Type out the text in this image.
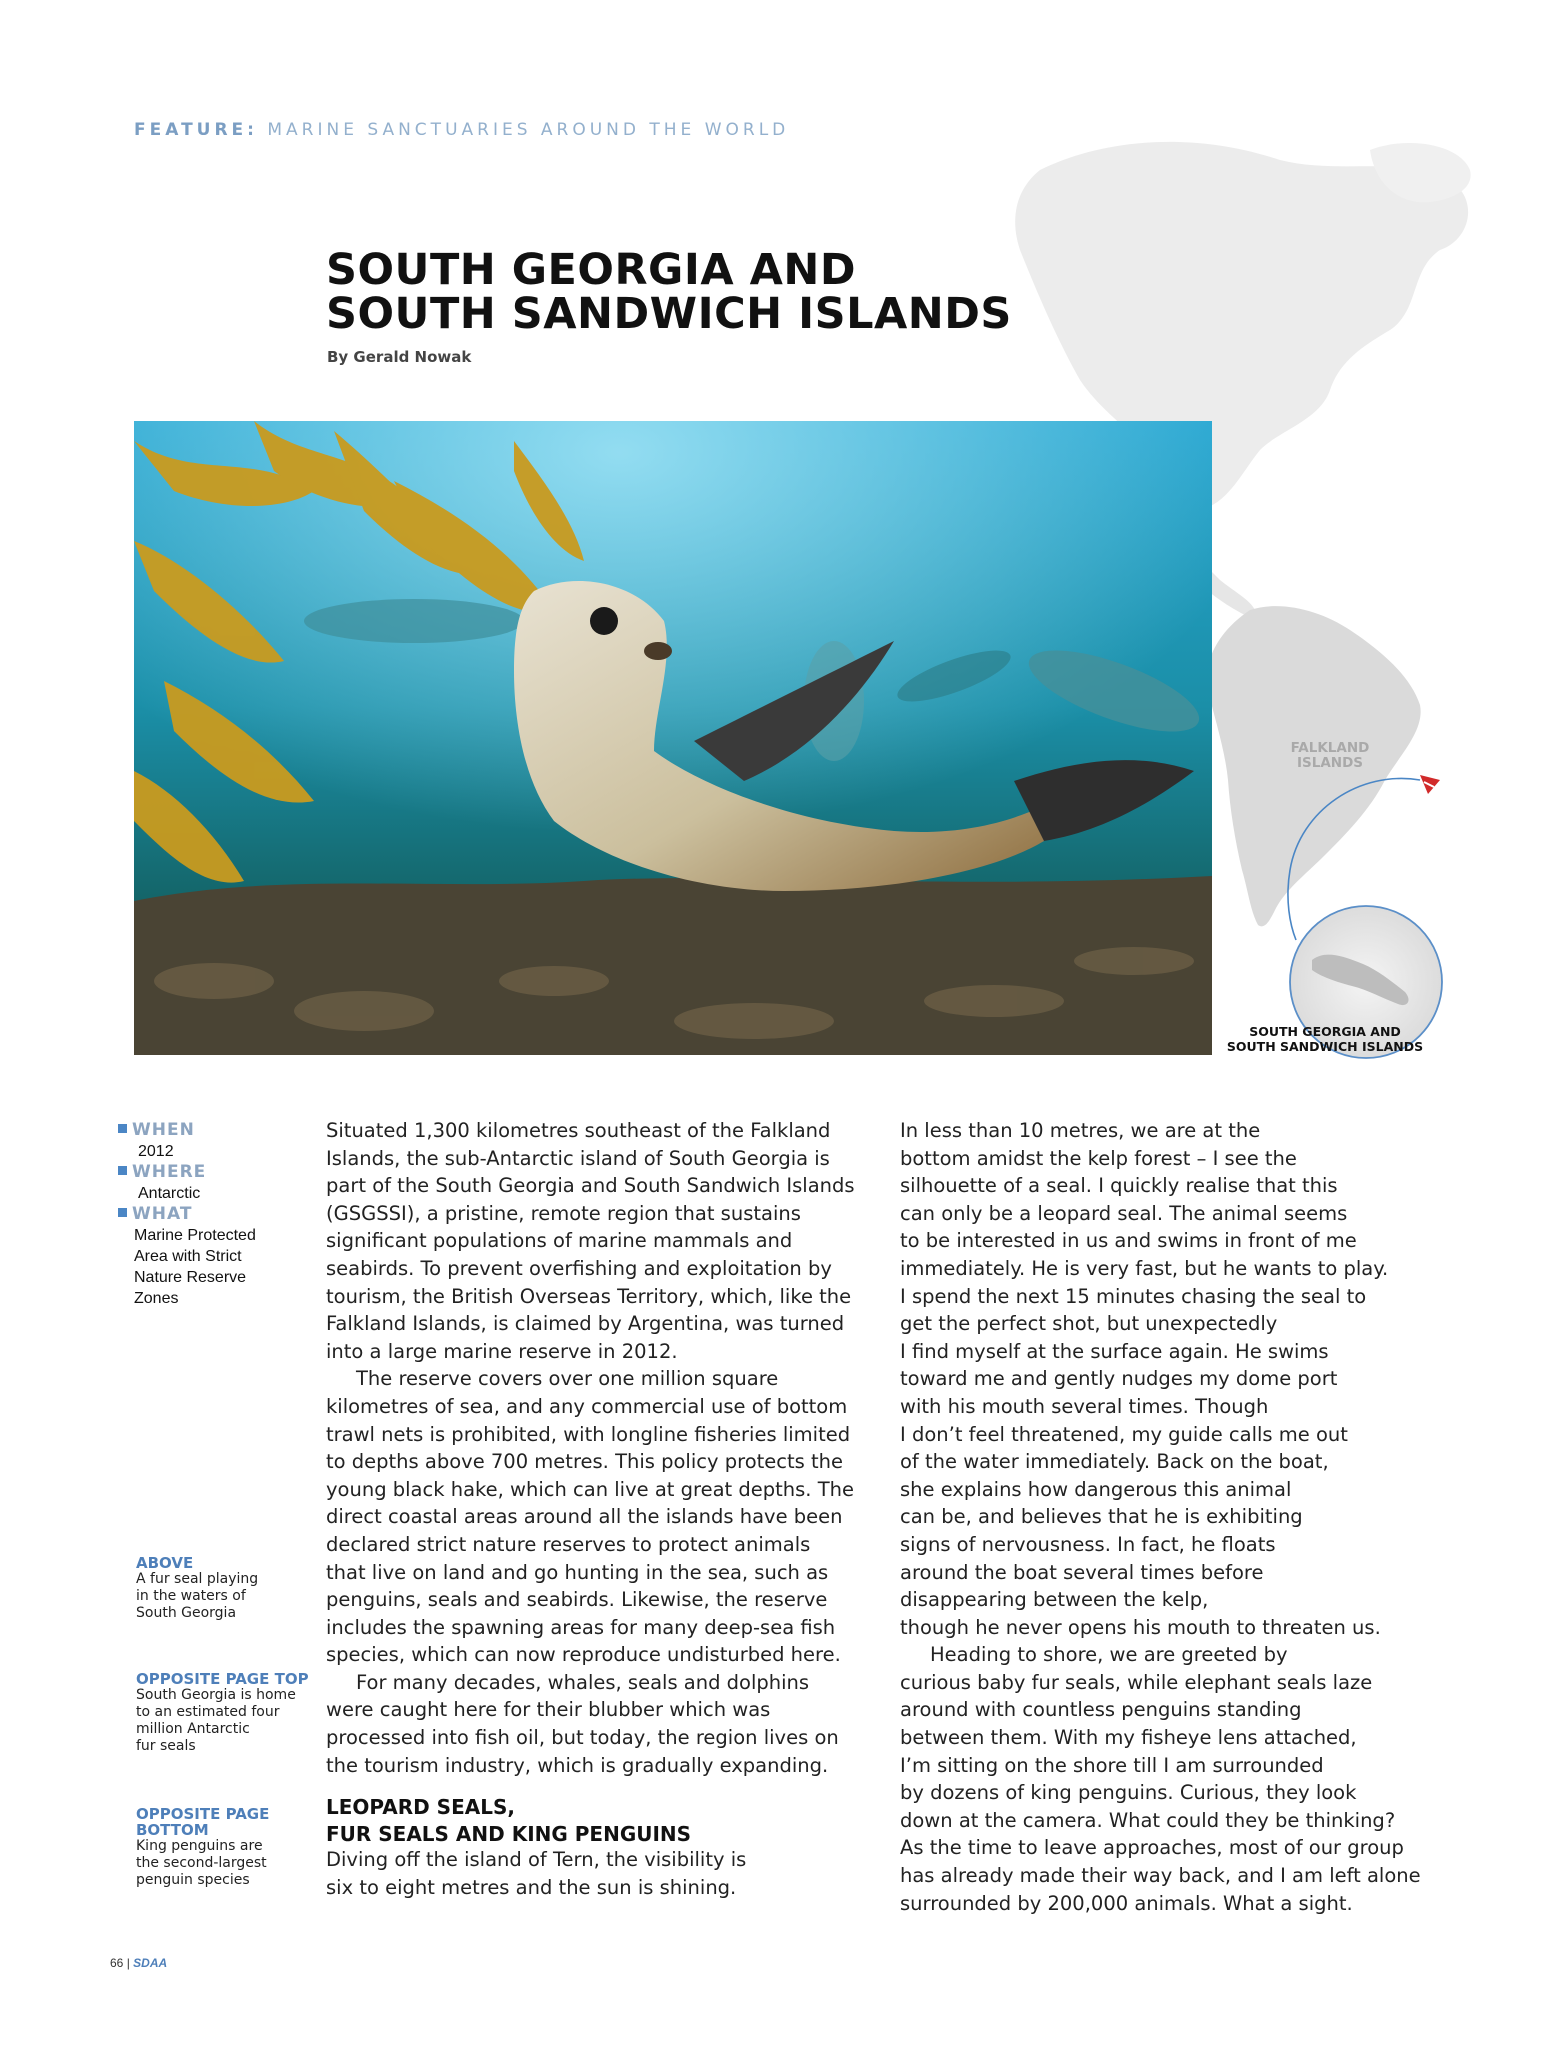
FEATURE: MARINE SANCTUARIES AROUND THE WORLD
SOUTH GEORGIA AND
SOUTH SANDWICH ISLANDS
By Gerald Nowak
FALKLAND
ISLANDS
SOUTH GEORGIA AND
SOUTH SANDWICH ISLANDS
WHEN
2012
WHERE
Antarctic
WHAT
Marine Protected
Area with Strict
Nature Reserve
Zones
ABOVE
A fur seal playing
in the waters of
South Georgia
OPPOSITE PAGE TOP
South Georgia is home
to an estimated four
million Antarctic
fur seals
OPPOSITE PAGE
BOTTOM
King penguins are
the second-largest
penguin species

Situated 1,300 kilometres southeast of the Falkland
Islands, the sub-Antarctic island of South Georgia is
part of the South Georgia and South Sandwich Islands
(GSGSSI), a pristine, remote region that sustains
significant populations of marine mammals and
seabirds. To prevent overfishing and exploitation by
tourism, the British Overseas Territory, which, like the
Falkland Islands, is claimed by Argentina, was turned
into a large marine reserve in 2012.

The reserve covers over one million square
kilometres of sea, and any commercial use of bottom
trawl nets is prohibited, with longline fisheries limited
to depths above 700 metres. This policy protects the
young black hake, which can live at great depths. The
direct coastal areas around all the islands have been
declared strict nature reserves to protect animals
that live on land and go hunting in the sea, such as
penguins, seals and seabirds. Likewise, the reserve
includes the spawning areas for many deep-sea fish
species, which can now reproduce undisturbed here.

For many decades, whales, seals and dolphins
were caught here for their blubber which was
processed into fish oil, but today, the region lives on
the tourism industry, which is gradually expanding.

LEOPARD SEALS,
FUR SEALS AND KING PENGUINS

Diving off the island of Tern, the visibility is
six to eight metres and the sun is shining.

In less than 10 metres, we are at the
bottom amidst the kelp forest – I see the
silhouette of a seal. I quickly realise that this
can only be a leopard seal. The animal seems
to be interested in us and swims in front of me
immediately. He is very fast, but he wants to play.
I spend the next 15 minutes chasing the seal to
get the perfect shot, but unexpectedly
I find myself at the surface again. He swims
toward me and gently nudges my dome port
with his mouth several times. Though
I don’t feel threatened, my guide calls me out
of the water immediately. Back on the boat,
she explains how dangerous this animal
can be, and believes that he is exhibiting
signs of nervousness. In fact, he floats
around the boat several times before
disappearing between the kelp,
though he never opens his mouth to threaten us.

Heading to shore, we are greeted by
curious baby fur seals, while elephant seals laze
around with countless penguins standing
between them. With my fisheye lens attached,
I’m sitting on the shore till I am surrounded
by dozens of king penguins. Curious, they look
down at the camera. What could they be thinking?
As the time to leave approaches, most of our group
has already made their way back, and I am left alone
surrounded by 200,000 animals. What a sight.

66 | SDAA
